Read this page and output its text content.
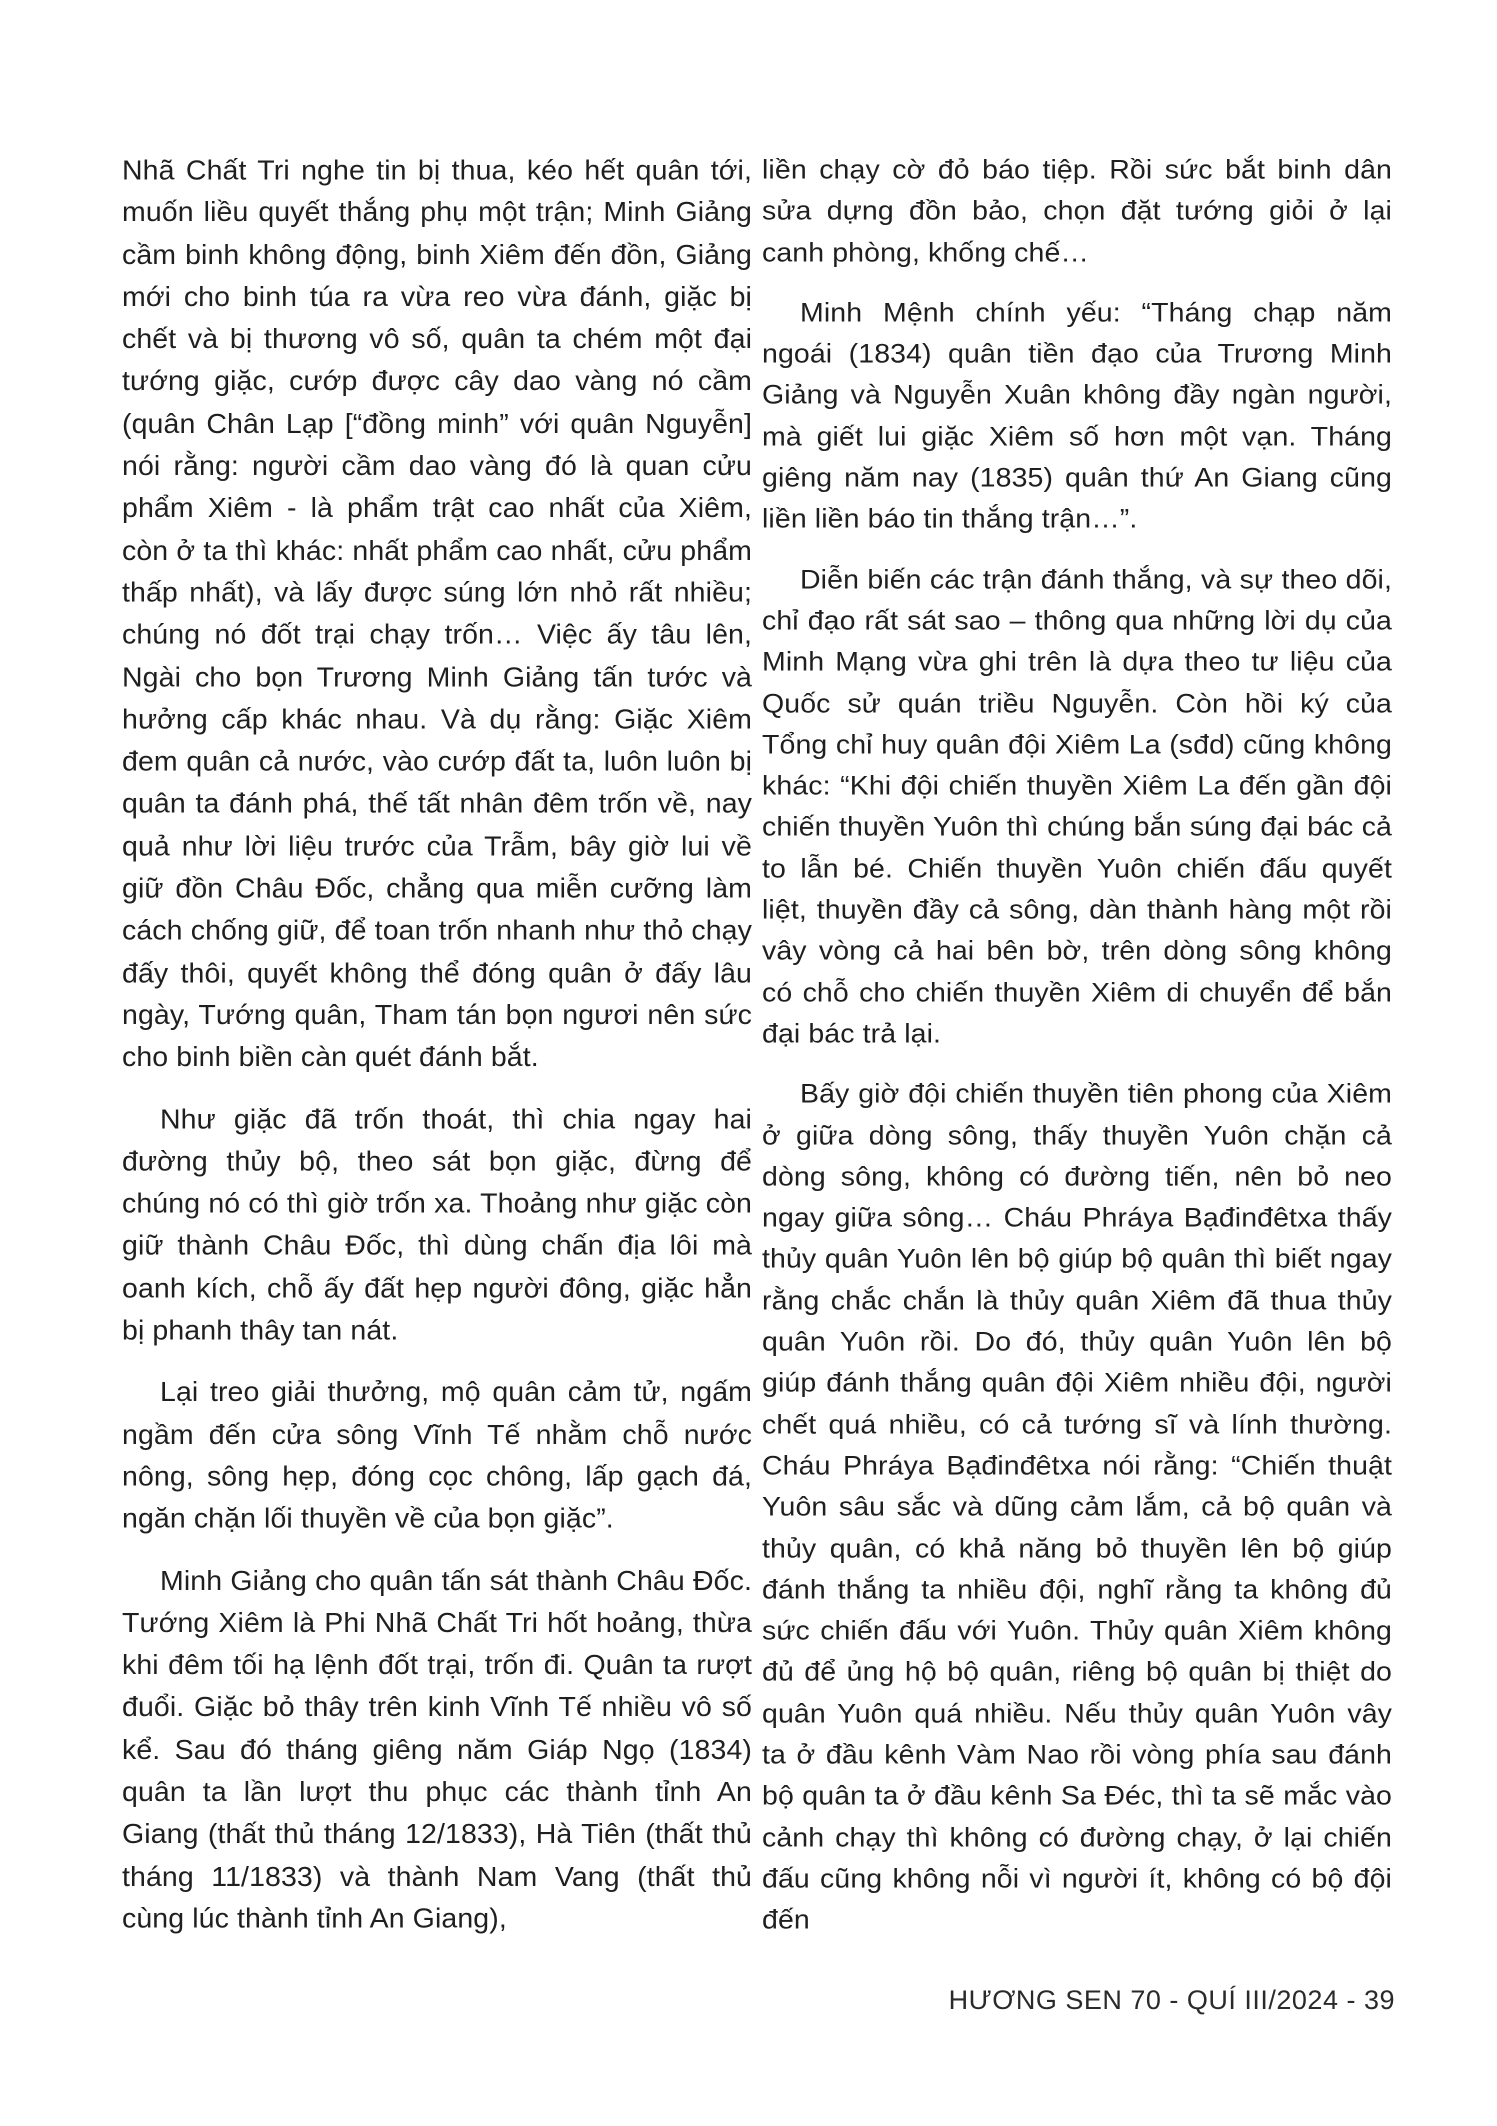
Nhã Chất Tri nghe tin bị thua, kéo hết quân tới, muốn liều quyết thắng phụ một trận; Minh Giảng cầm binh không động, binh Xiêm đến đồn, Giảng mới cho binh túa ra vừa reo vừa đánh, giặc bị chết và bị thương vô số, quân ta chém một đại tướng giặc, cướp được cây dao vàng nó cầm (quân Chân Lạp [“đồng minh” với quân Nguyễn] nói rằng: người cầm dao vàng đó là quan cửu phẩm Xiêm - là phẩm trật cao nhất của Xiêm, còn ở ta thì khác: nhất phẩm cao nhất, cửu phẩm thấp nhất), và lấy được súng lớn nhỏ rất nhiều; chúng nó đốt trại chạy trốn… Việc ấy tâu lên, Ngài cho bọn Trương Minh Giảng tấn tước và hưởng cấp khác nhau. Và dụ rằng: Giặc Xiêm đem quân cả nước, vào cướp đất ta, luôn luôn bị quân ta đánh phá, thế tất nhân đêm trốn về, nay quả như lời liệu trước của Trẫm, bây giờ lui về giữ đồn Châu Đốc, chẳng qua miễn cưỡng làm cách chống giữ, để toan trốn nhanh như thỏ chạy đấy thôi, quyết không thể đóng quân ở đấy lâu ngày, Tướng quân, Tham tán bọn ngươi nên sức cho binh biền càn quét đánh bắt.

Như giặc đã trốn thoát, thì chia ngay hai đường thủy bộ, theo sát bọn giặc, đừng để chúng nó có thì giờ trốn xa. Thoảng như giặc còn giữ thành Châu Đốc, thì dùng chấn địa lôi mà oanh kích, chỗ ấy đất hẹp người đông, giặc hẳn bị phanh thây tan nát.

Lại treo giải thưởng, mộ quân cảm tử, ngấm ngầm đến cửa sông Vĩnh Tế nhằm chỗ nước nông, sông hẹp, đóng cọc chông, lấp gạch đá, ngăn chặn lối thuyền về của bọn giặc”.

Minh Giảng cho quân tấn sát thành Châu Đốc. Tướng Xiêm là Phi Nhã Chất Tri hốt hoảng, thừa khi đêm tối hạ lệnh đốt trại, trốn đi. Quân ta rượt đuổi. Giặc bỏ thây trên kinh Vĩnh Tế nhiều vô số kể. Sau đó tháng giêng năm Giáp Ngọ (1834) quân ta lần lượt thu phục các thành tỉnh An Giang (thất thủ tháng 12/1833), Hà Tiên (thất thủ tháng 11/1833) và thành Nam Vang (thất thủ cùng lúc thành tỉnh An Giang),

liền chạy cờ đỏ báo tiệp. Rồi sức bắt binh dân sửa dựng đồn bảo, chọn đặt tướng giỏi ở lại canh phòng, khống chế…

Minh Mệnh chính yếu: “Tháng chạp năm ngoái (1834) quân tiền đạo của Trương Minh Giảng và Nguyễn Xuân không đầy ngàn người, mà giết lui giặc Xiêm số hơn một vạn. Tháng giêng năm nay (1835) quân thứ An Giang cũng liền liền báo tin thắng trận…”.

Diễn biến các trận đánh thắng, và sự theo dõi, chỉ đạo rất sát sao – thông qua những lời dụ của Minh Mạng vừa ghi trên là dựa theo tư liệu của Quốc sử quán triều Nguyễn. Còn hồi ký của Tổng chỉ huy quân đội Xiêm La (sđd) cũng không khác: “Khi đội chiến thuyền Xiêm La đến gần đội chiến thuyền Yuôn thì chúng bắn súng đại bác cả to lẫn bé. Chiến thuyền Yuôn chiến đấu quyết liệt, thuyền đầy cả sông, dàn thành hàng một rồi vây vòng cả hai bên bờ, trên dòng sông không có chỗ cho chiến thuyền Xiêm di chuyển để bắn đại bác trả lại.

Bấy giờ đội chiến thuyền tiên phong của Xiêm ở giữa dòng sông, thấy thuyền Yuôn chặn cả dòng sông, không có đường tiến, nên bỏ neo ngay giữa sông… Cháu Phráya Bạđinđêtxa thấy thủy quân Yuôn lên bộ giúp bộ quân thì biết ngay rằng chắc chắn là thủy quân Xiêm đã thua thủy quân Yuôn rồi. Do đó, thủy quân Yuôn lên bộ giúp đánh thắng quân đội Xiêm nhiều đội, người chết quá nhiều, có cả tướng sĩ và lính thường. Cháu Phráya Bạđinđêtxa nói rằng: “Chiến thuật Yuôn sâu sắc và dũng cảm lắm, cả bộ quân và thủy quân, có khả năng bỏ thuyền lên bộ giúp đánh thắng ta nhiều đội, nghĩ rằng ta không đủ sức chiến đấu với Yuôn. Thủy quân Xiêm không đủ để ủng hộ bộ quân, riêng bộ quân bị thiệt do quân Yuôn quá nhiều. Nếu thủy quân Yuôn vây ta ở đầu kênh Vàm Nao rồi vòng phía sau đánh bộ quân ta ở đầu kênh Sa Đéc, thì ta sẽ mắc vào cảnh chạy thì không có đường chạy, ở lại chiến đấu cũng không nỗi vì người ít, không có bộ đội đến

HƯƠNG SEN 70 - QUÍ III/2024 - 39
